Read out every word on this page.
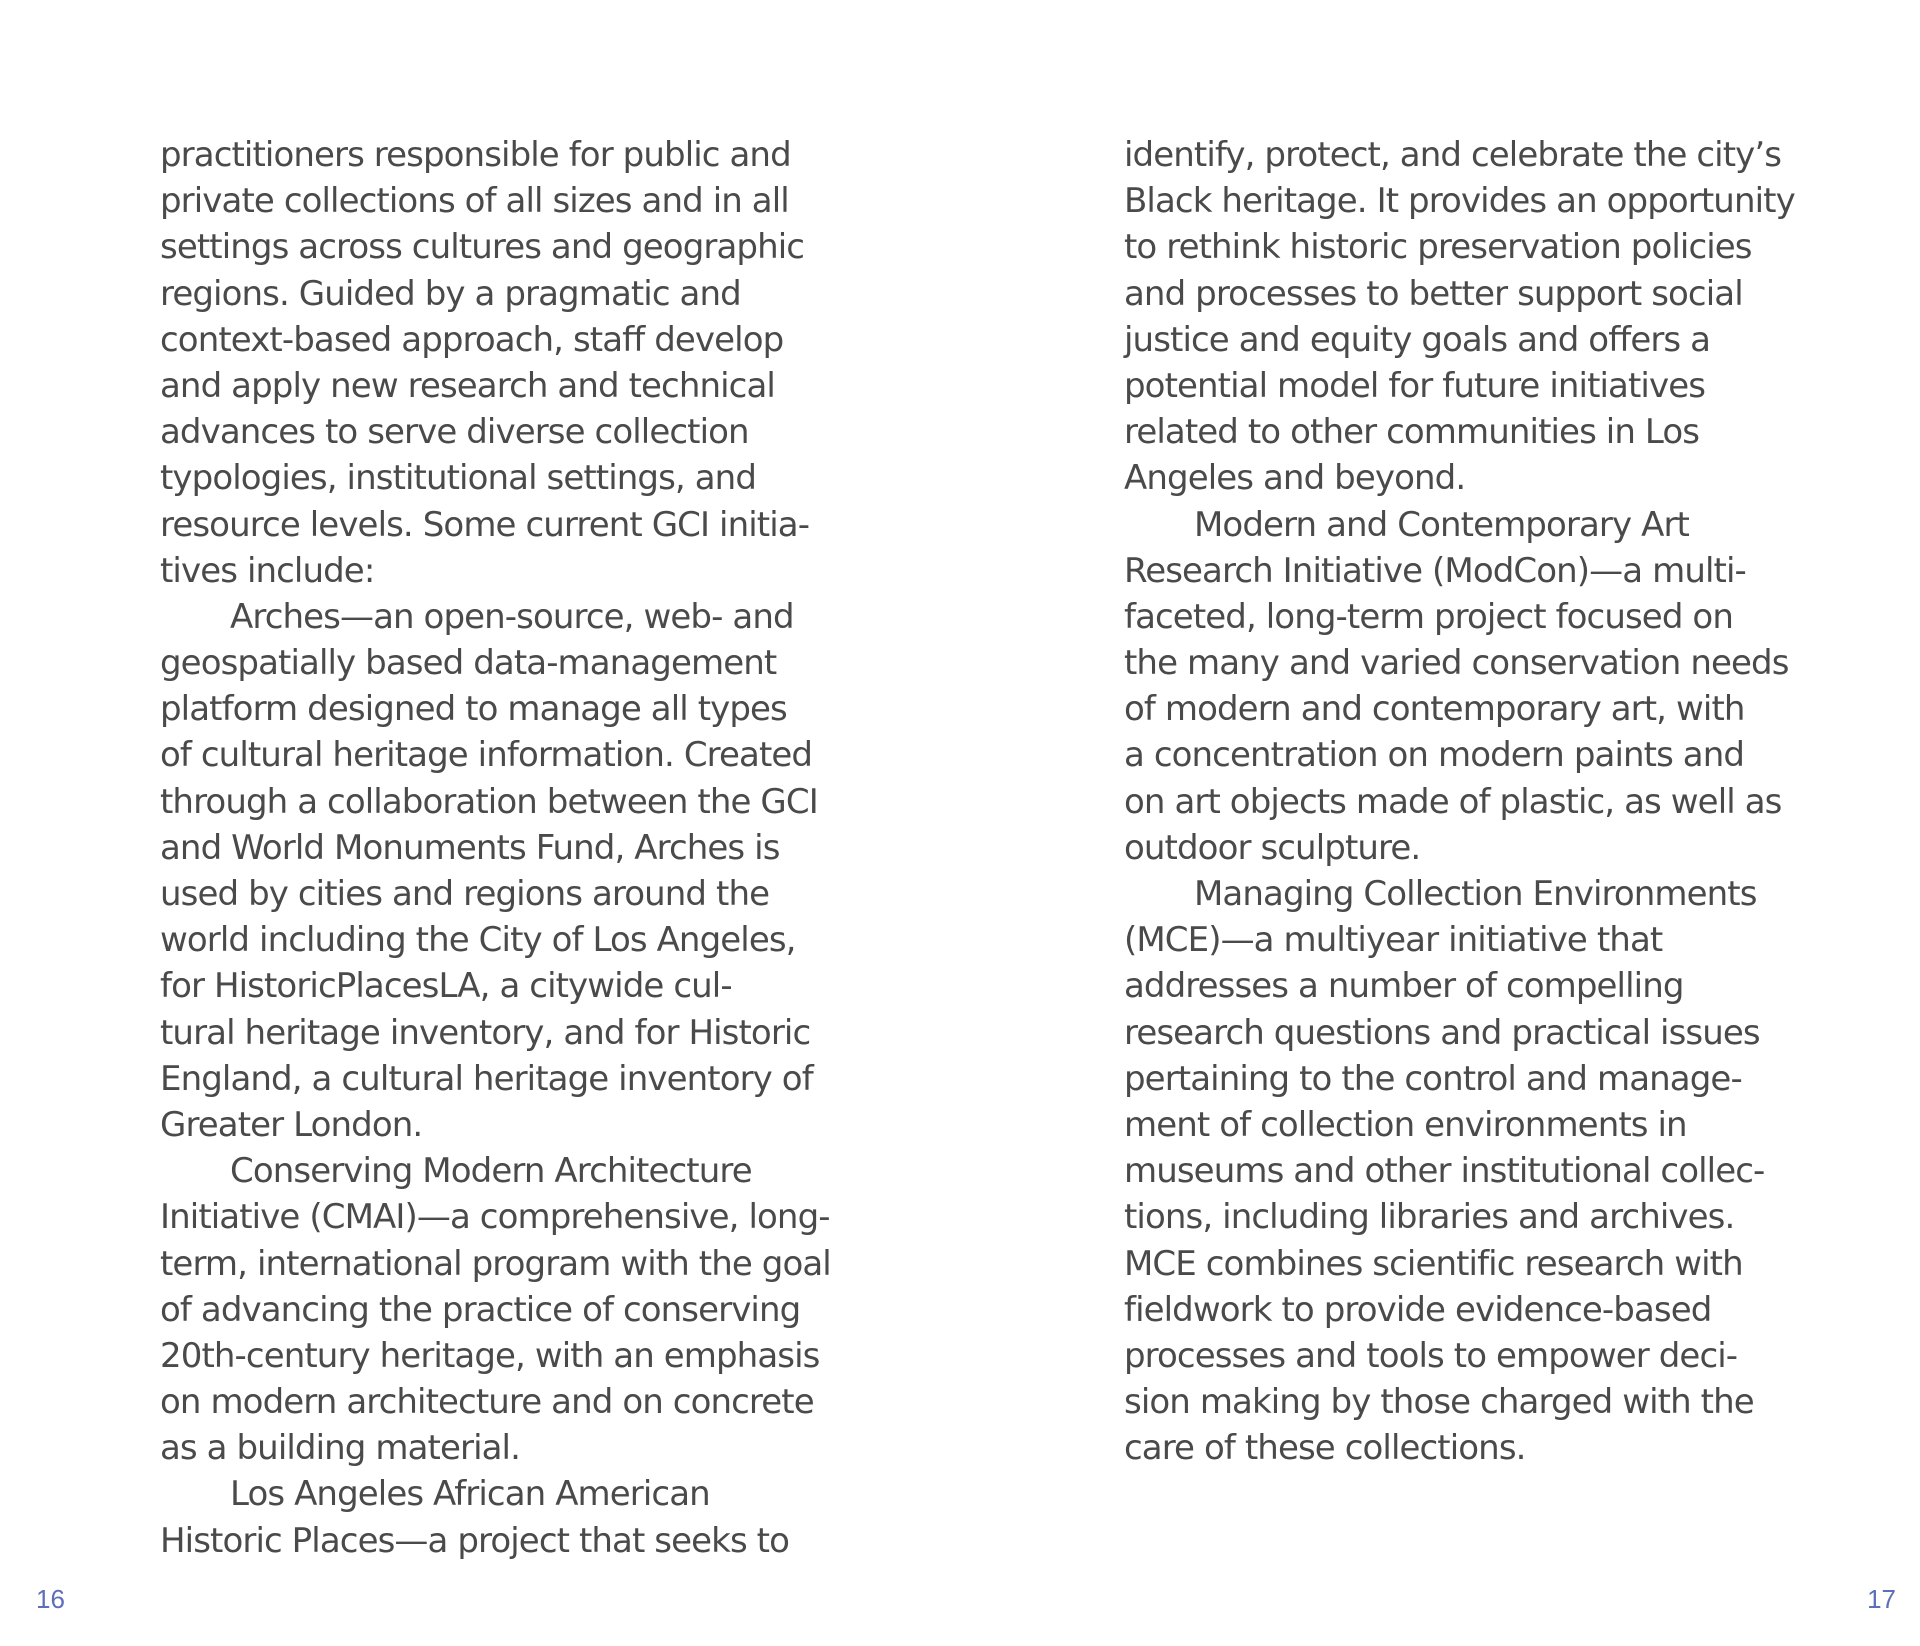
practitioners responsible for public and
private collections of all sizes and in all
settings across cultures and geographic
regions. Guided by a pragmatic and
context-based approach, staff develop
and apply new research and technical
advances to serve diverse collection
typologies, institutional settings, and
resource levels. Some current GCI initia-
tives include:
Arches—an open-source, web- and
geospatially based data-management
platform designed to manage all types
of cultural heritage information. Created
through a collaboration between the GCI
and World Monuments Fund, Arches is
used by cities and regions around the
world including the City of Los Angeles,
for HistoricPlacesLA, a citywide cul-
tural heritage inventory, and for Historic
England, a cultural heritage inventory of
Greater London.
Conserving Modern Architecture
Initiative (CMAI)—a comprehensive, long-
term, international program with the goal
of advancing the practice of conserving
20th-century heritage, with an emphasis
on modern architecture and on concrete
as a building material.
Los Angeles African American
Historic Places—a project that seeks to
identify, protect, and celebrate the city’s
Black heritage. It provides an opportunity
to rethink historic preservation policies
and processes to better support social
justice and equity goals and offers a
potential model for future initiatives
related to other communities in Los
Angeles and beyond.
Modern and Contemporary Art
Research Initiative (ModCon)—a multi-
faceted, long-term project focused on
the many and varied conservation needs
of modern and contemporary art, with
a concentration on modern paints and
on art objects made of plastic, as well as
outdoor sculpture.
Managing Collection Environments
(MCE)—a multiyear initiative that
addresses a number of compelling
research questions and practical issues
pertaining to the control and manage-
ment of collection environments in
museums and other institutional collec-
tions, including libraries and archives.
MCE combines scientific research with
fieldwork to provide evidence-based
processes and tools to empower deci-
sion making by those charged with the
care of these collections.
16	17
